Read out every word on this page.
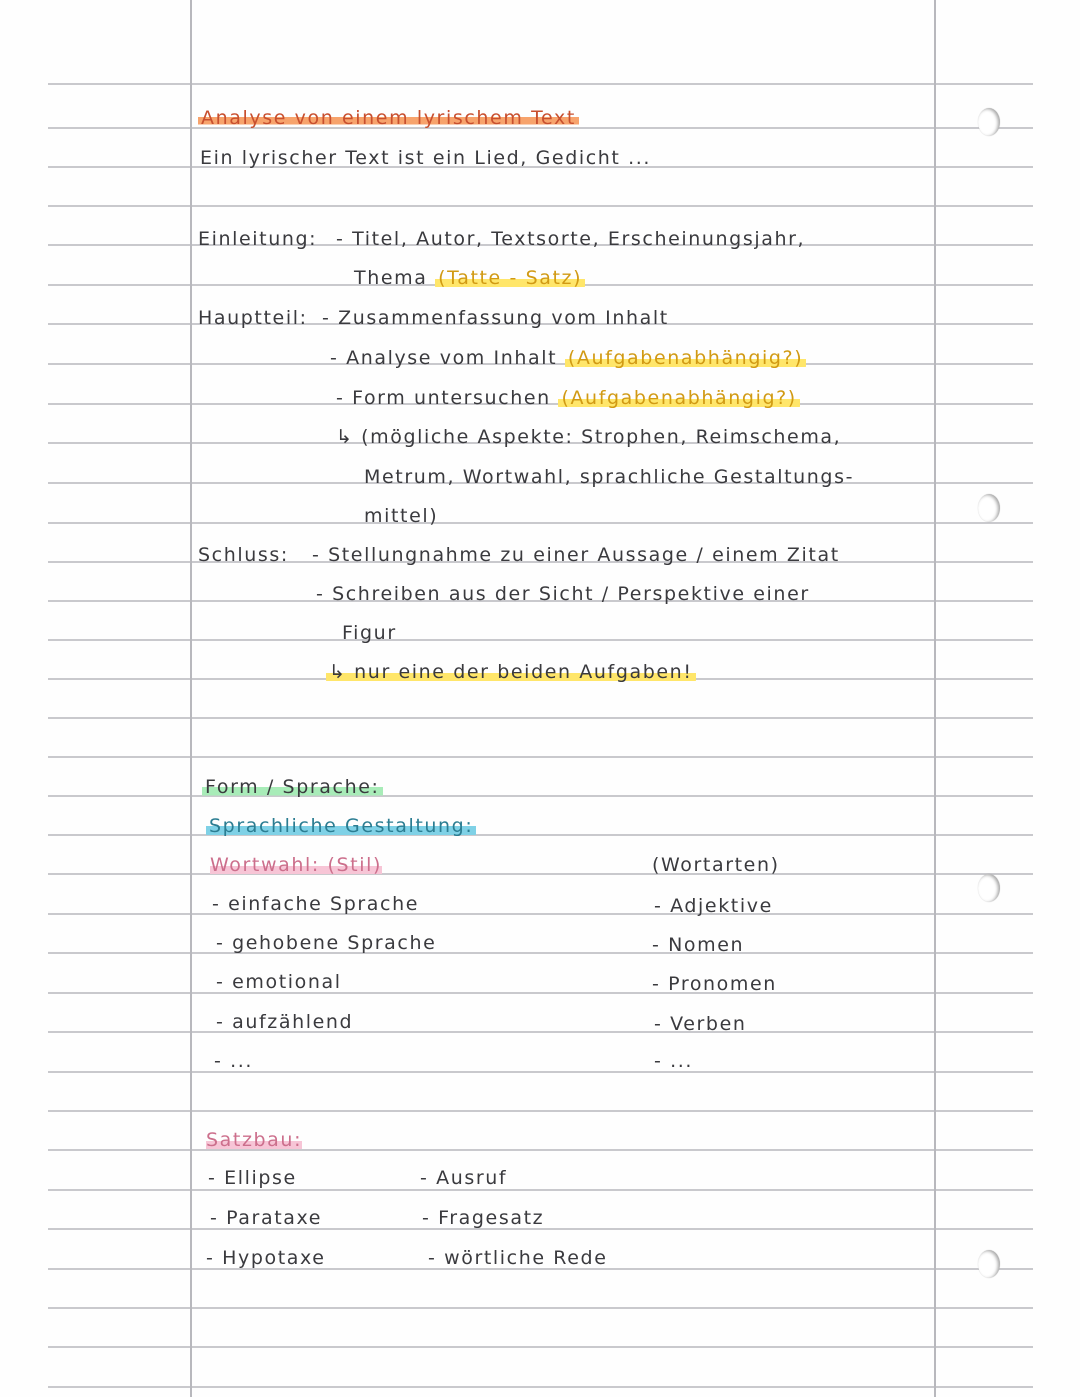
Analyse von einem lyrischem Text
Ein lyrischer Text ist ein Lied, Gedicht ...
Einleitung: - Titel, Autor, Textsorte, Erscheinungsjahr,
Thema (Tatte - Satz)
Hauptteil: - Zusammenfassung vom Inhalt
- Analyse vom Inhalt (Aufgabenabhängig?)
- Form untersuchen (Aufgabenabhängig?)
↳ (mögliche Aspekte: Strophen, Reimschema,
Metrum, Wortwahl, sprachliche Gestaltungs-
mittel)
Schluss: - Stellungnahme zu einer Aussage / einem Zitat
- Schreiben aus der Sicht / Perspektive einer
Figur
↳ nur eine der beiden Aufgaben!
Form / Sprache:
Sprachliche Gestaltung:
Wortwahl: (Stil)
- einfache Sprache
- gehobene Sprache
- emotional
- aufzählend
- ...
(Wortarten)
- Adjektive
- Nomen
- Pronomen
- Verben
- ...
Satzbau:
- Ellipse
- Parataxe
- Hypotaxe
- Ausruf
- Fragesatz
- wörtliche Rede
